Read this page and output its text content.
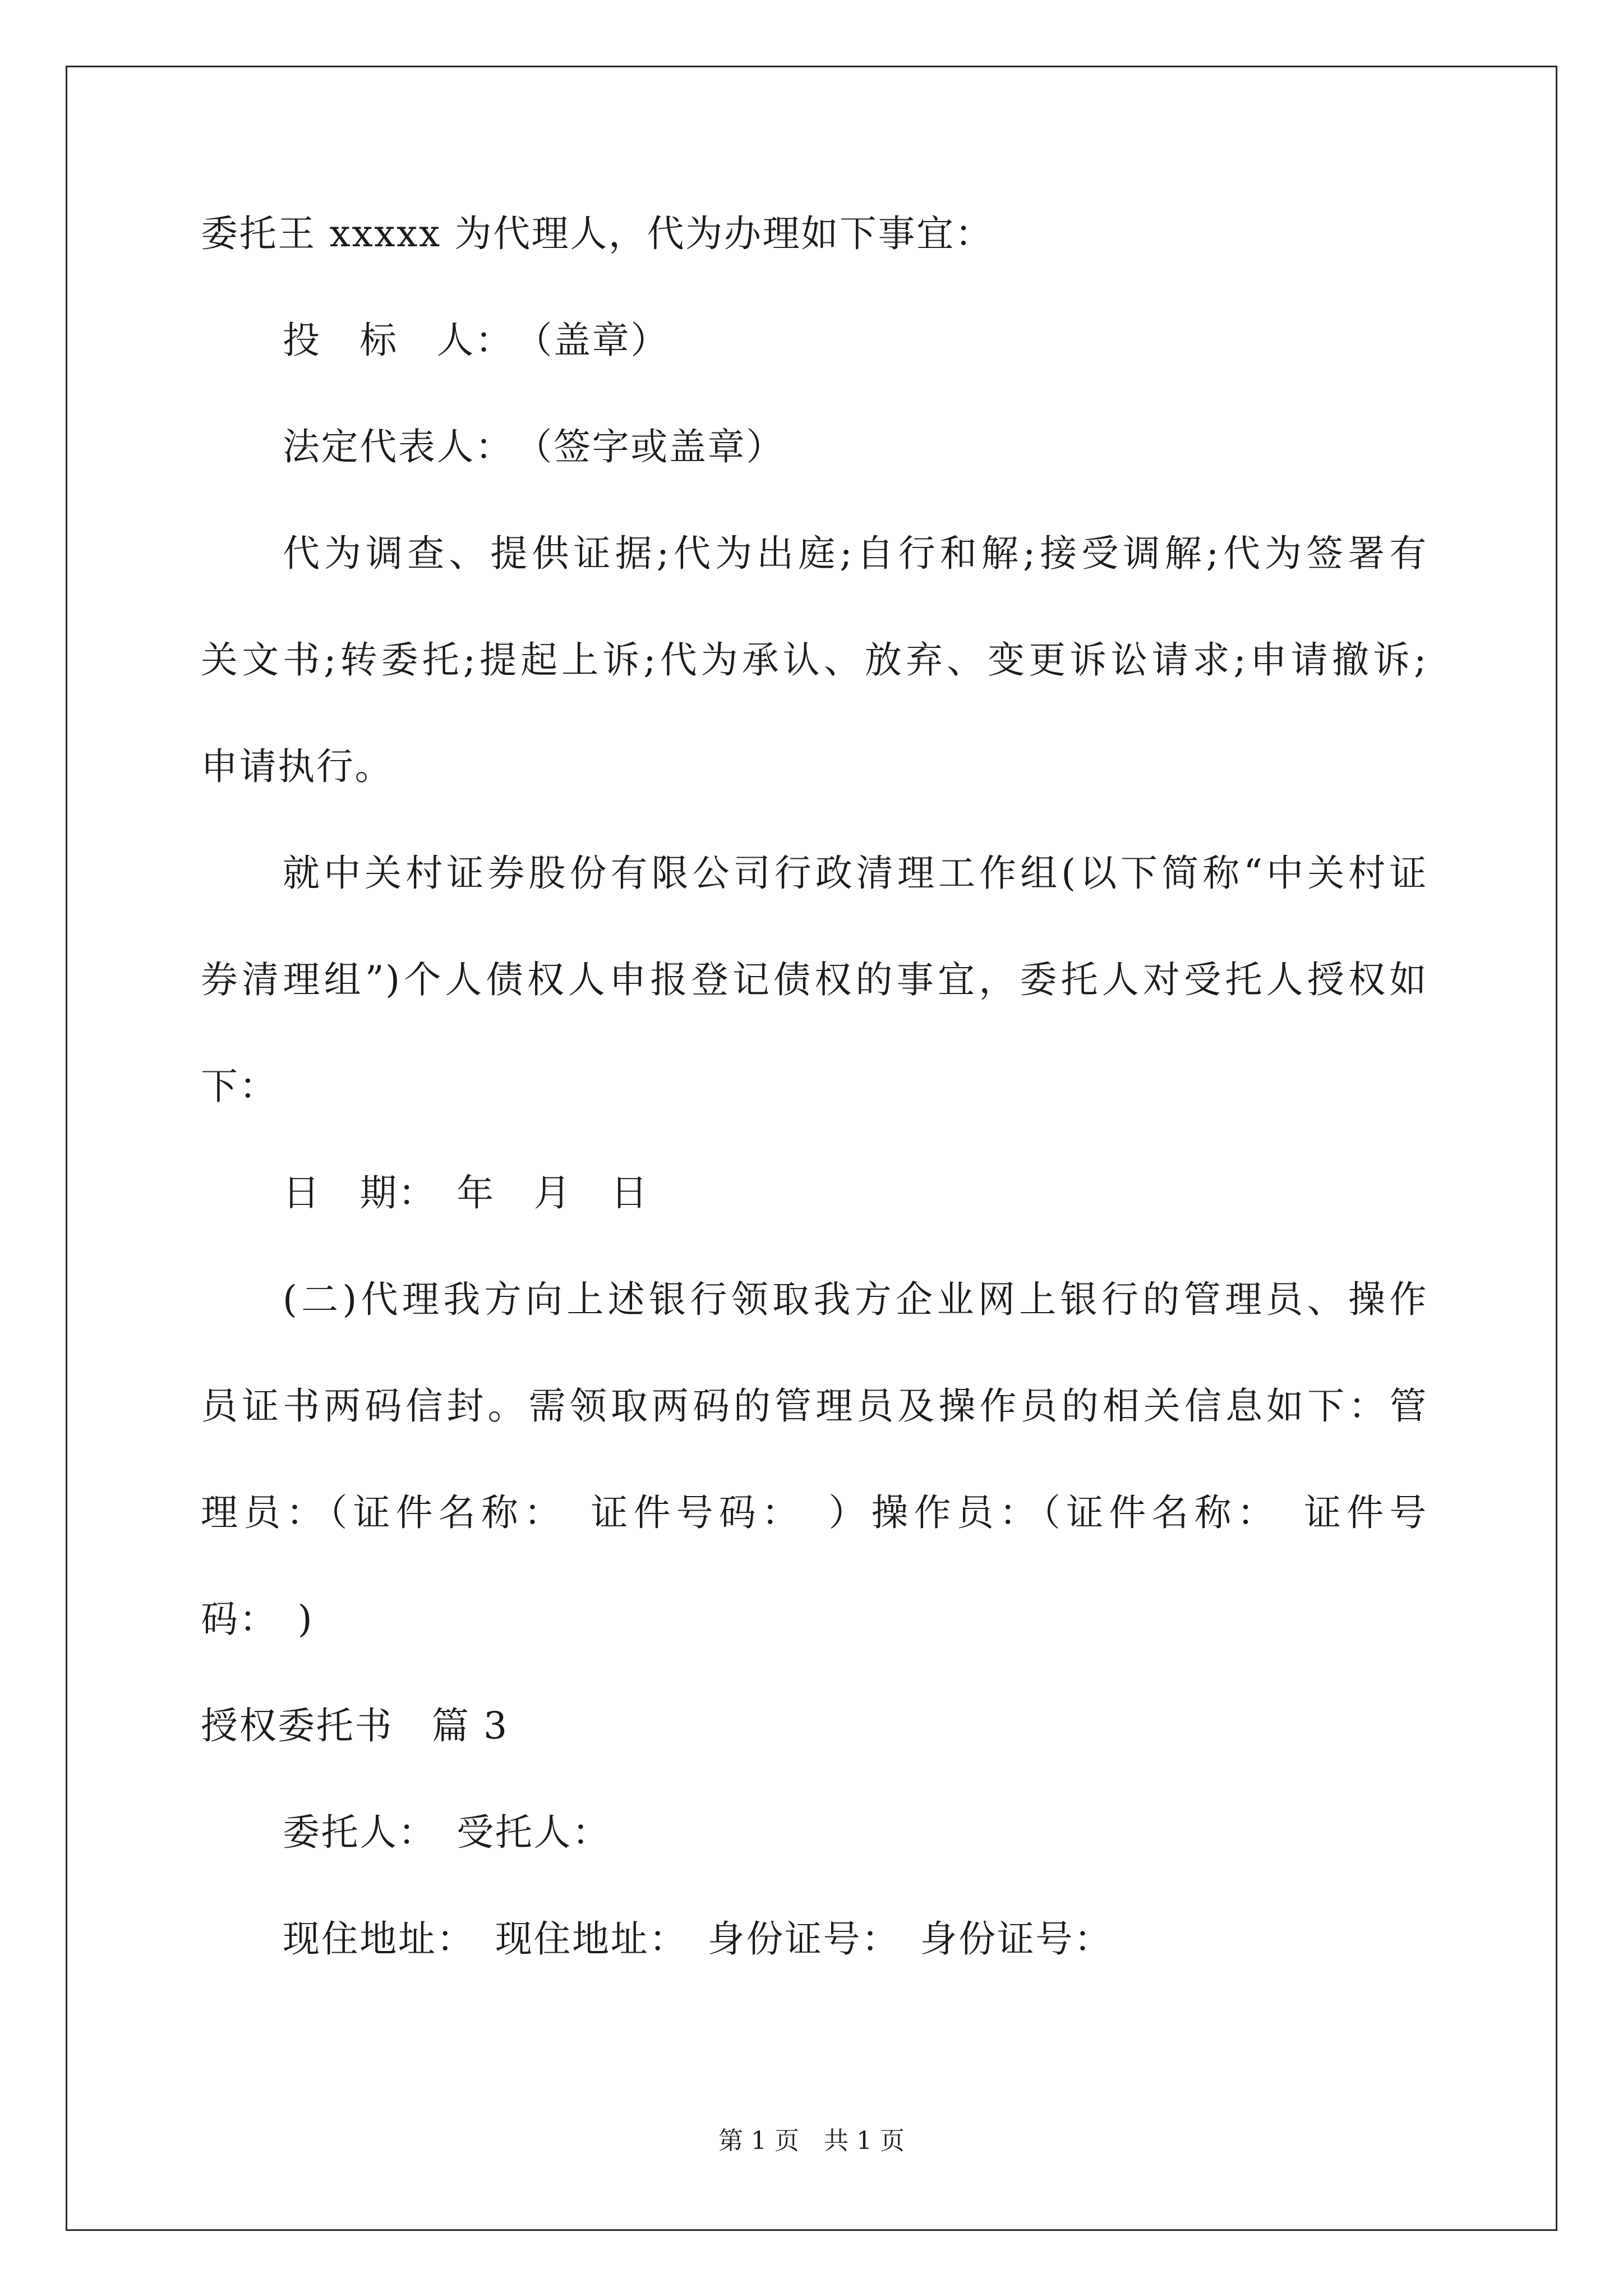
委托王 xxxxx 为代理人，代为办理如下事宜：
投　标　人：　（盖章）
法定代表人：　（签字或盖章）
代为调查、提供证据;代为出庭;自行和解;接受调解;代为签署有
关文书;转委托;提起上诉;代为承认、放弃、变更诉讼请求;申请撤诉;
申请执行。
就中关村证券股份有限公司行政清理工作组(以下简称“中关村证
券清理组”)个人债权人申报登记债权的事宜，委托人对受托人授权如
下：
日　期：　年　月　日
(二)代理我方向上述银行领取我方企业网上银行的管理员、操作
员证书两码信封。需领取两码的管理员及操作员的相关信息如下：管
理员：（证件名称：　证件号码：　）操作员：（证件名称：　证件号
码：　)
授权委托书　篇 3
委托人：　受托人：
现住地址：　现住地址：　身份证号：　身份证号：
第 1 页　共 1 页
